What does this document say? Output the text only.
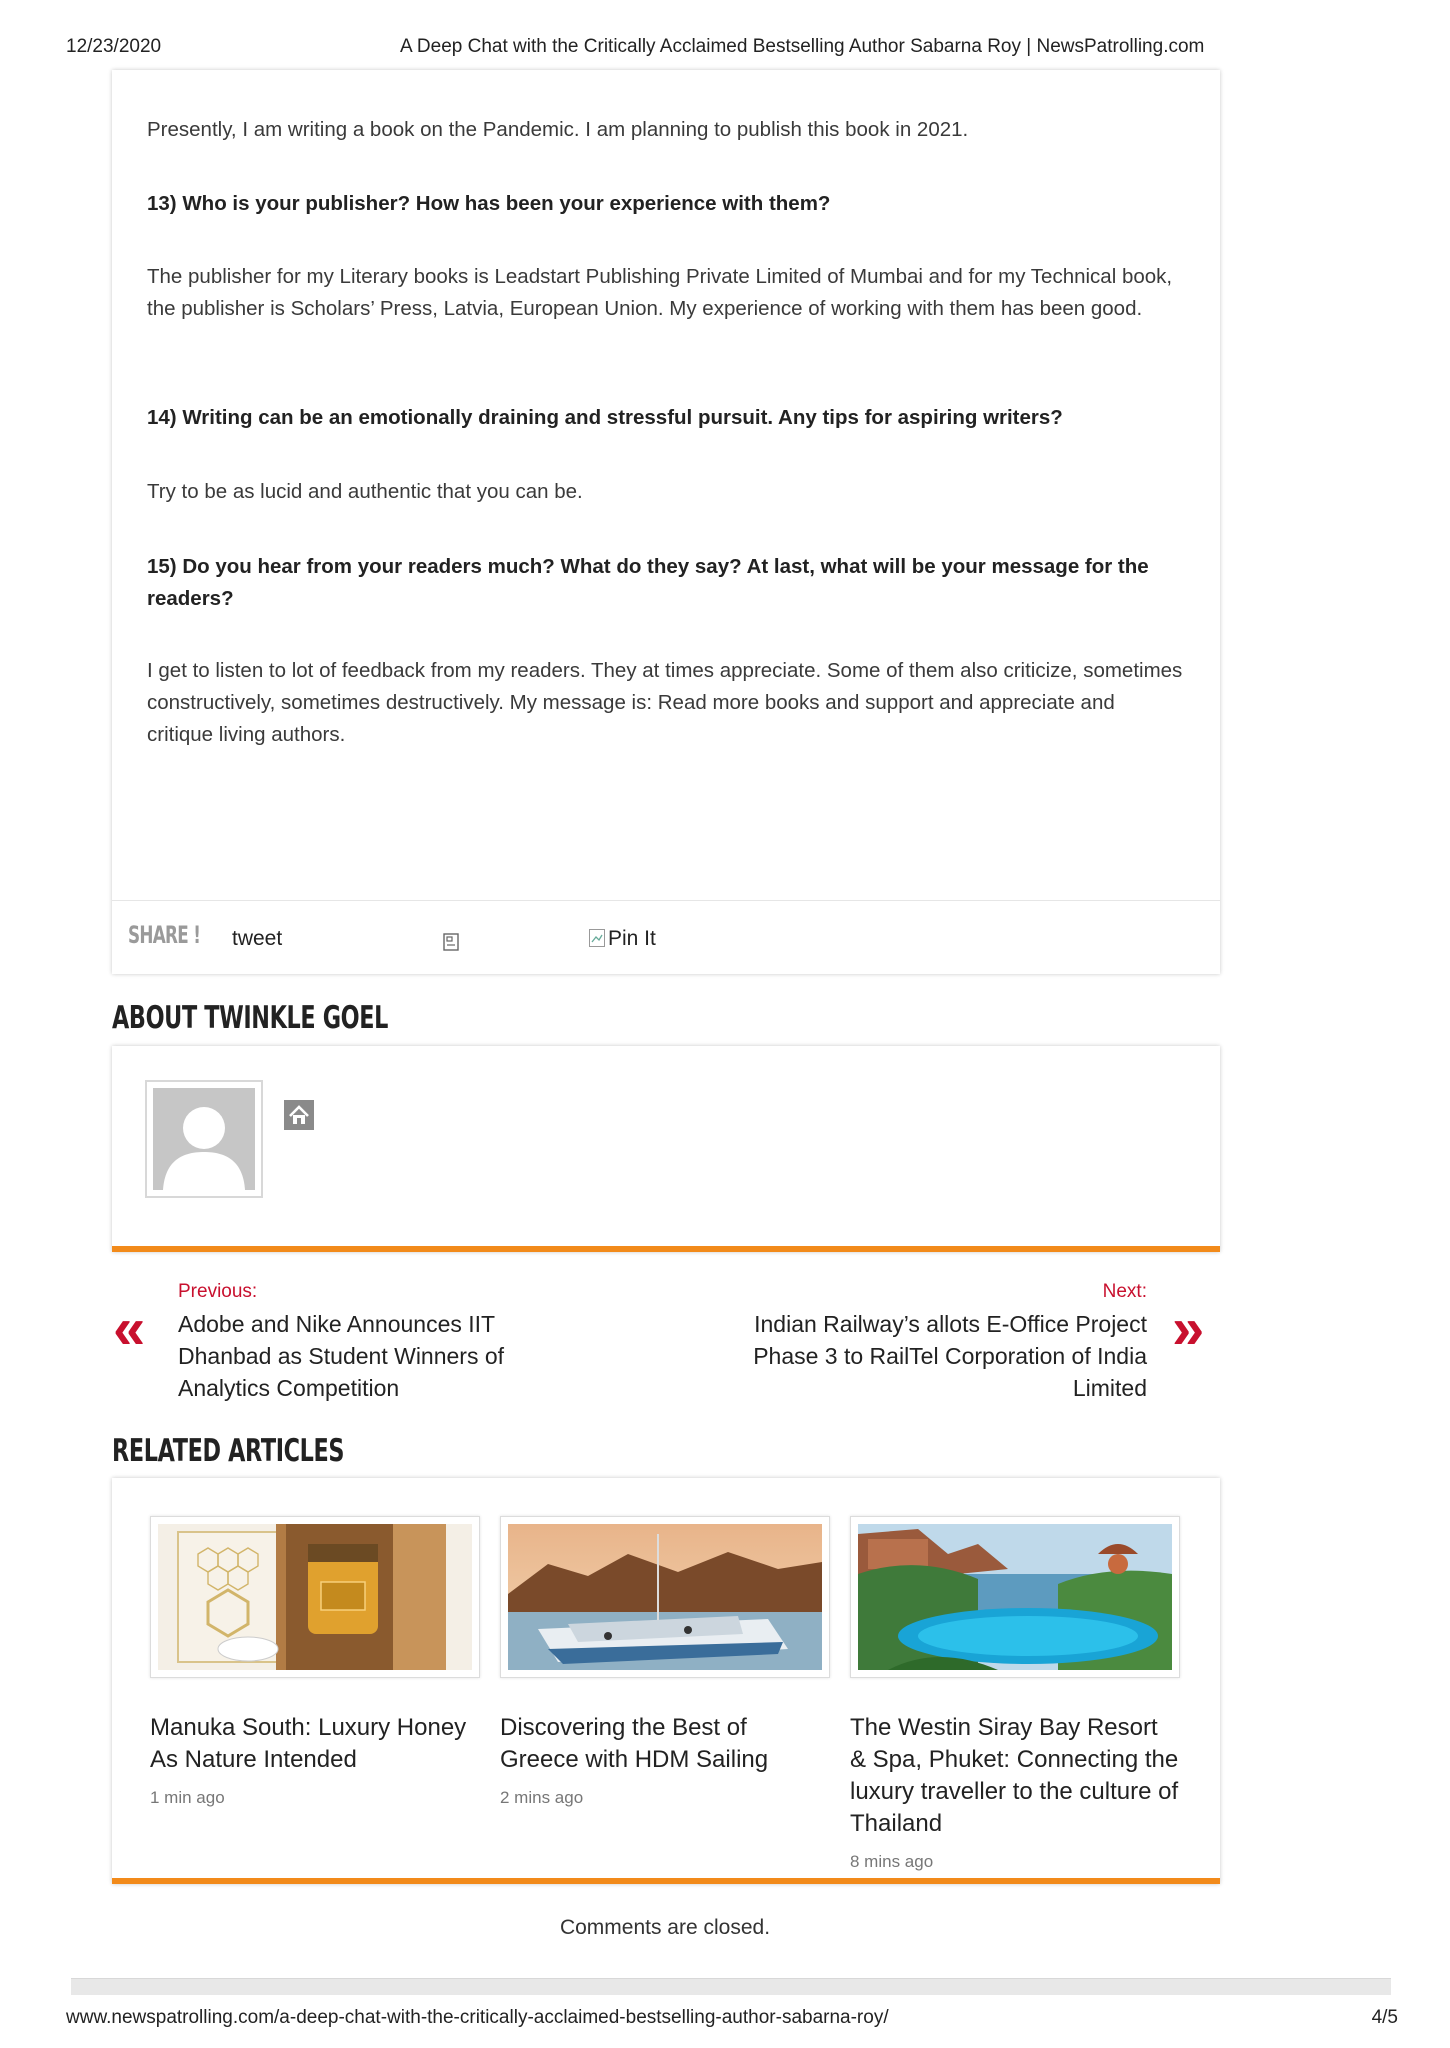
12/23/2020	A Deep Chat with the Critically Acclaimed Bestselling Author Sabarna Roy | NewsPatrolling.com
Presently, I am writing a book on the Pandemic. I am planning to publish this book in 2021.
13) Who is your publisher? How has been your experience with them?
The publisher for my Literary books is Leadstart Publishing Private Limited of Mumbai and for my Technical book, the publisher is Scholars’ Press, Latvia, European Union. My experience of working with them has been good.
14) Writing can be an emotionally draining and stressful pursuit. Any tips for aspiring writers?
Try to be as lucid and authentic that you can be.
15) Do you hear from your readers much? What do they say? At last, what will be your message for the readers?
I get to listen to lot of feedback from my readers. They at times appreciate. Some of them also criticize, sometimes constructively, sometimes destructively. My message is: Read more books and support and appreciate and critique living authors.
SHARE ! tweet	Pin It
ABOUT TWINKLE GOEL
«
Previous:
Adobe and Nike Announces IIT Dhanbad as Student Winners of Analytics Competition
Next:
Indian Railway’s allots E-Office Project Phase 3 to RailTel Corporation of India Limited
»
RELATED ARTICLES
Manuka South: Luxury Honey As Nature Intended
1 min ago
Discovering the Best of Greece with HDM Sailing
2 mins ago
The Westin Siray Bay Resort & Spa, Phuket: Connecting the luxury traveller to the culture of Thailand
8 mins ago
Comments are closed.
www.newspatrolling.com/a-deep-chat-with-the-critically-acclaimed-bestselling-author-sabarna-roy/	4/5
